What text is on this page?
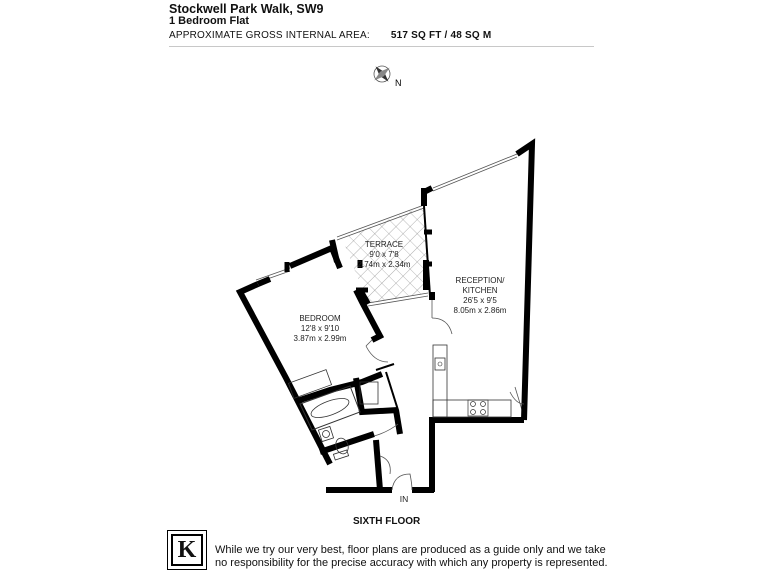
Stockwell Park Walk, SW9
1 Bedroom Flat
APPROXIMATE GROSS INTERNAL AREA: 517 SQ FT / 48 SQ M
N
TERRACE
9'0 x 7'8
2.74m x 2.34m
BEDROOM
12'8 x 9'10
3.87m x 2.99m
RECEPTION/
KITCHEN
26'5 x 9'5
8.05m x 2.86m
IN
SIXTH FLOOR
K	While we try our very best, floor plans are produced as a guide only and we take no responsibility for the precise accuracy with which any property is represented.
